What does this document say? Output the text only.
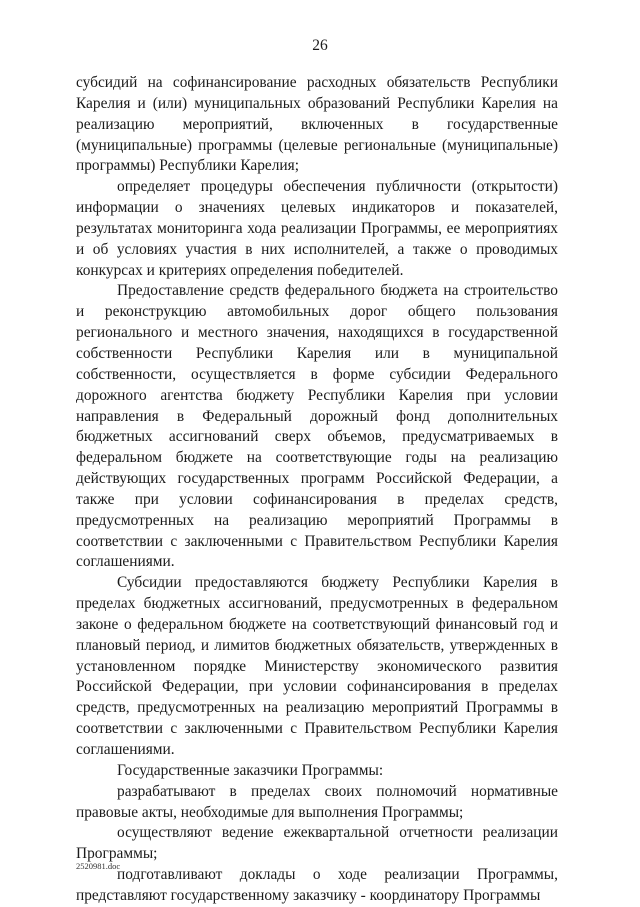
26

субсидий на софинансирование расходных обязательств Республики Карелия и (или) муниципальных образований Республики Карелия на реализацию мероприятий, включенных в государственные (муниципальные) программы (целевые региональные (муниципальные) программы) Республики Карелия;

определяет процедуры обеспечения публичности (открытости) информации о значениях целевых индикаторов и показателей, результатах мониторинга хода реализации Программы, ее мероприятиях и об условиях участия в них исполнителей, а также о проводимых конкурсах и критериях определения победителей.

Предоставление средств федерального бюджета на строительство и реконструкцию автомобильных дорог общего пользования регионального и местного значения, находящихся в государственной собственности Республики Карелия или в муниципальной собственности, осуществляется в форме субсидии Федерального дорожного агентства бюджету Республики Карелия при условии направления в Федеральный дорожный фонд дополнительных бюджетных ассигнований сверх объемов, предусматриваемых в федеральном бюджете на соответствующие годы на реализацию действующих государственных программ Российской Федерации, а также при условии софинансирования в пределах средств, предусмотренных на реализацию мероприятий Программы в соответствии с заключенными с Правительством Республики Карелия соглашениями.

Субсидии предоставляются бюджету Республики Карелия в пределах бюджетных ассигнований, предусмотренных в федеральном законе о федеральном бюджете на соответствующий финансовый год и плановый период, и лимитов бюджетных обязательств, утвержденных в установленном порядке Министерству экономического развития Российской Федерации, при условии софинансирования в пределах средств, предусмотренных на реализацию мероприятий Программы в соответствии с заключенными с Правительством Республики Карелия соглашениями.

Государственные заказчики Программы:

разрабатывают в пределах своих полномочий нормативные правовые акты, необходимые для выполнения Программы;

осуществляют ведение ежеквартальной отчетности реализации Программы;

подготавливают доклады о ходе реализации Программы, представляют государственному заказчику - координатору Программы

2520981.doc
